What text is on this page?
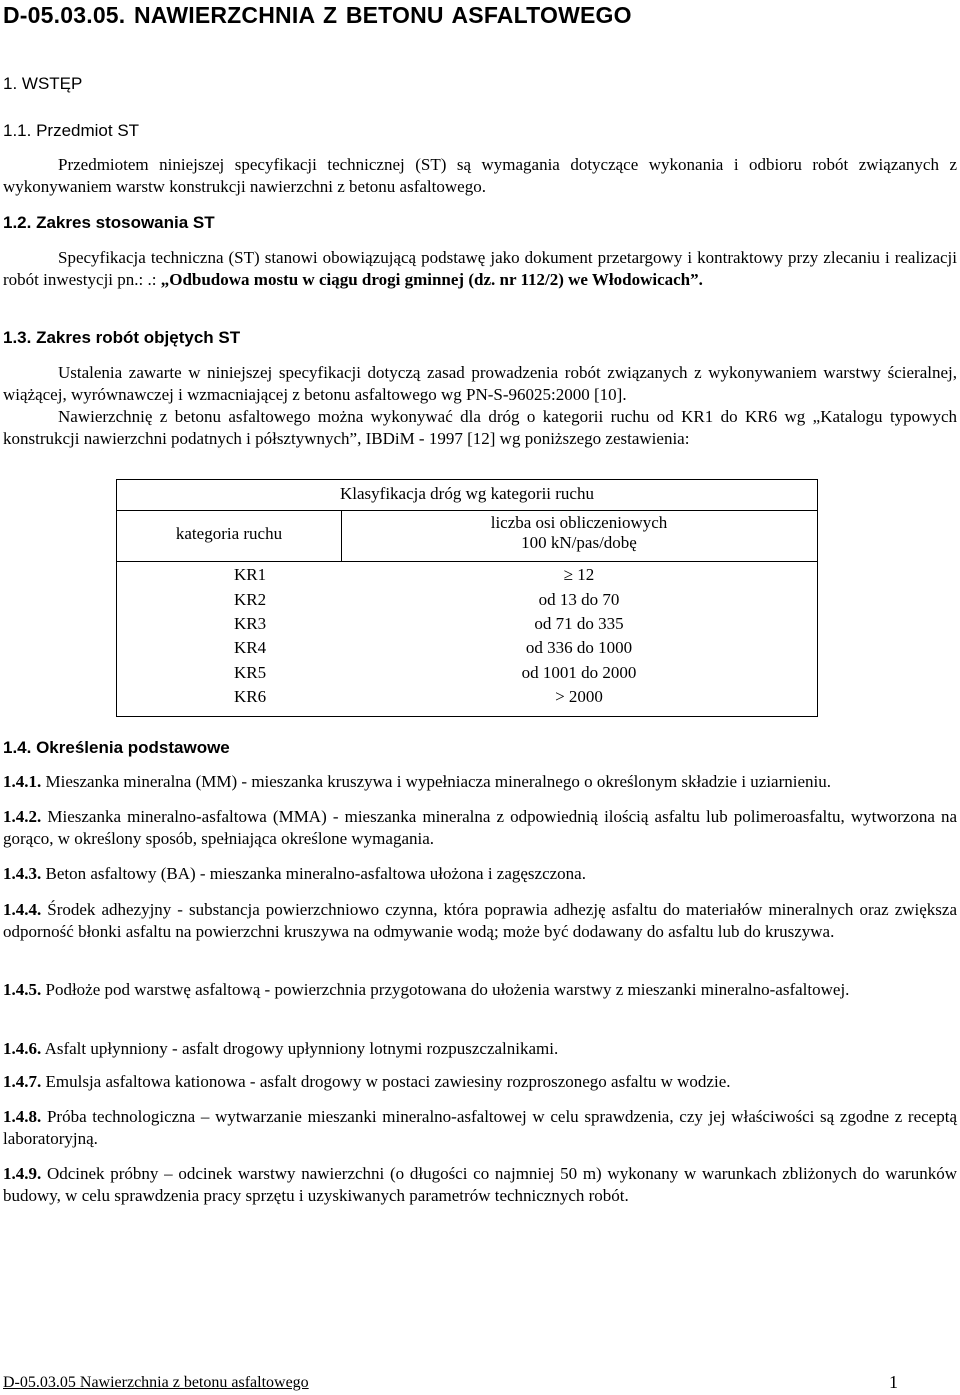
D-05.03.05. NAWIERZCHNIA Z BETONU ASFALTOWEGO

1. WSTĘP

1.1. Przedmiot ST

Przedmiotem niniejszej specyfikacji technicznej (ST) są wymagania dotyczące wykonania i odbioru robót związanych z wykonywaniem warstw konstrukcji nawierzchni z betonu asfaltowego.

1.2. Zakres stosowania ST

Specyfikacja techniczna (ST) stanowi obowiązującą podstawę jako dokument przetargowy i kontraktowy przy zlecaniu i realizacji robót inwestycji pn.: .: „Odbudowa mostu w ciągu drogi gminnej (dz. nr 112/2) we Włodowicach”.

1.3. Zakres robót objętych ST

Ustalenia zawarte w niniejszej specyfikacji dotyczą zasad prowadzenia robót związanych z wykonywaniem warstwy ścieralnej, wiążącej, wyrównawczej i wzmacniającej z betonu asfaltowego wg PN-S-96025:2000 [10].

Nawierzchnię z betonu asfaltowego można wykonywać dla dróg o kategorii ruchu od KR1 do KR6 wg „Katalogu typowych konstrukcji nawierzchni podatnych i półsztywnych”, IBDiM - 1997 [12] wg poniższego zestawienia:

Klasyfikacja dróg wg kategorii ruchu
kategoria ruchu
liczba osi obliczeniowych
100 kN/pas/dobę
KR1	≥ 12
KR2	od 13 do 70
KR3	od 71 do 335
KR4	od 336 do 1000
KR5	od 1001 do 2000
KR6	> 2000

1.4. Określenia podstawowe

1.4.1. Mieszanka mineralna (MM) - mieszanka kruszywa i wypełniacza mineralnego o określonym składzie i uziarnieniu.

1.4.2. Mieszanka mineralno-asfaltowa (MMA) - mieszanka mineralna z odpowiednią ilością asfaltu lub polimeroasfaltu, wytworzona na gorąco, w określony sposób, spełniająca określone wymagania.

1.4.3. Beton asfaltowy (BA) - mieszanka mineralno-asfaltowa ułożona i zagęszczona.

1.4.4. Środek adhezyjny - substancja powierzchniowo czynna, która poprawia adhezję asfaltu do materiałów mineralnych oraz zwiększa odporność błonki asfaltu na powierzchni kruszywa na odmywanie wodą; może być dodawany do asfaltu lub do kruszywa.

1.4.5. Podłoże pod warstwę asfaltową - powierzchnia przygotowana do ułożenia warstwy z mieszanki mineralno-asfaltowej.

1.4.6. Asfalt upłynniony - asfalt drogowy upłynniony lotnymi rozpuszczalnikami.

1.4.7. Emulsja asfaltowa kationowa - asfalt drogowy w postaci zawiesiny rozproszonego asfaltu w wodzie.

1.4.8. Próba technologiczna – wytwarzanie mieszanki mineralno-asfaltowej w celu sprawdzenia, czy jej właściwości są zgodne z receptą laboratoryjną.

1.4.9. Odcinek próbny – odcinek warstwy nawierzchni (o długości co najmniej 50 m) wykonany w warunkach zbliżonych do warunków budowy, w celu sprawdzenia pracy sprzętu i uzyskiwanych parametrów technicznych robót.

D-05.03.05 Nawierzchnia z betonu asfaltowego	1
